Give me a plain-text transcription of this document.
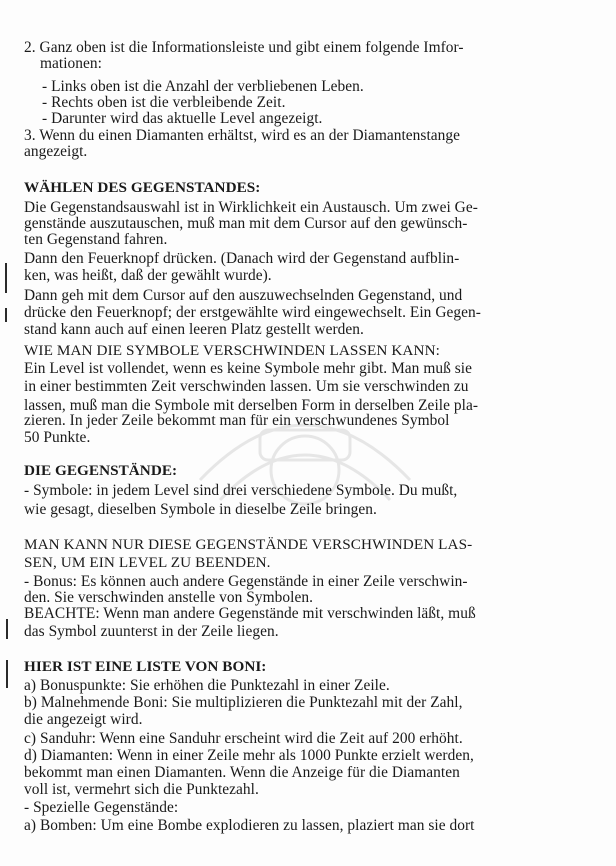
2. Ganz oben ist die Informationsleiste und gibt einem folgende Imfor-
mationen:
- Links oben ist die Anzahl der verbliebenen Leben.
- Rechts oben ist die verbleibende Zeit.
- Darunter wird das aktuelle Level angezeigt.
3. Wenn du einen Diamanten erhältst, wird es an der Diamantenstange
angezeigt.
WÄHLEN DES GEGENSTANDES:
Die Gegenstandsauswahl ist in Wirklichkeit ein Austausch. Um zwei Ge-
genstände auszutauschen, muß man mit dem Cursor auf den gewünsch-
ten Gegenstand fahren.
Dann den Feuerknopf drücken. (Danach wird der Gegenstand aufblin-
ken, was heißt, daß der gewählt wurde).
Dann geh mit dem Cursor auf den auszuwechselnden Gegenstand, und
drücke den Feuerknopf; der erstgewählte wird eingewechselt. Ein Gegen-
stand kann auch auf einen leeren Platz gestellt werden.
WIE MAN DIE SYMBOLE VERSCHWINDEN LASSEN KANN:
Ein Level ist vollendet, wenn es keine Symbole mehr gibt. Man muß sie
in einer bestimmten Zeit verschwinden lassen. Um sie verschwinden zu
lassen, muß man die Symbole mit derselben Form in derselben Zeile pla-
zieren. In jeder Zeile bekommt man für ein verschwundenes Symbol
50 Punkte.
DIE GEGENSTÄNDE:
- Symbole: in jedem Level sind drei verschiedene Symbole. Du mußt,
wie gesagt, dieselben Symbole in dieselbe Zeile bringen.
MAN KANN NUR DIESE GEGENSTÄNDE VERSCHWINDEN LAS-
SEN, UM EIN LEVEL ZU BEENDEN.
- Bonus: Es können auch andere Gegenstände in einer Zeile verschwin-
den. Sie verschwinden anstelle von Symbolen.
BEACHTE: Wenn man andere Gegenstände mit verschwinden läßt, muß
das Symbol zuunterst in der Zeile liegen.
HIER IST EINE LISTE VON BONI:
a) Bonuspunkte: Sie erhöhen die Punktezahl in einer Zeile.
b) Malnehmende Boni: Sie multiplizieren die Punktezahl mit der Zahl,
die angezeigt wird.
c) Sanduhr: Wenn eine Sanduhr erscheint wird die Zeit auf 200 erhöht.
d) Diamanten: Wenn in einer Zeile mehr als 1000 Punkte erzielt werden,
bekommt man einen Diamanten. Wenn die Anzeige für die Diamanten
voll ist, vermehrt sich die Punktezahl.
- Spezielle Gegenstände:
a) Bomben: Um eine Bombe explodieren zu lassen, plaziert man sie dort
